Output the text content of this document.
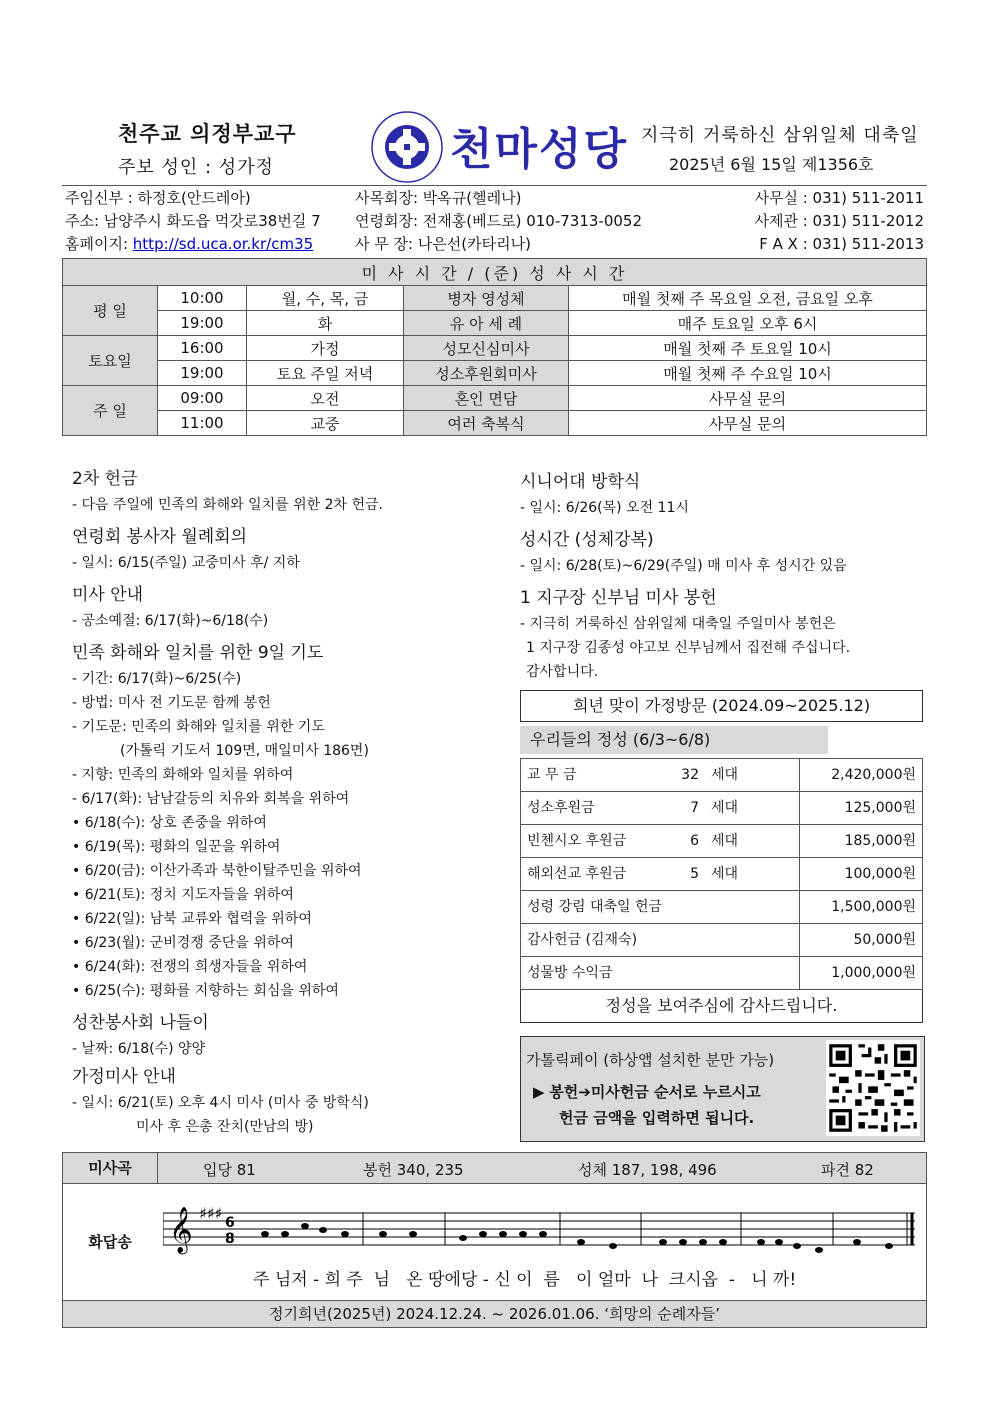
천주교 의정부교구
주보 성인 : 성가정	천마성당 지극히 거룩하신 삼위일체 대축일
2025년 6월 15일 제1356호
주임신부 : 하정호(안드레아)	사목회장: 박옥규(헬레나)	사무실 : 031) 511-2011
주소: 남양주시 화도읍 먹갓로38번길 7	연령회장: 전재홍(베드로) 010-7313-0052	사제관 : 031) 511-2012
홈페이지: http://sd.uca.or.kr/cm35	사 무 장: 나은선(카타리나)	F A X : 031) 511-2013
미 사 시 간 / (준) 성 사 시 간				
평 일	10:00	월, 수, 목, 금	병자 영성체	매월 첫째 주 목요일 오전, 금요일 오후
	19:00	화	유 아 세 례	매주 토요일 오후 6시
토요일	16:00	가정	성모신심미사	매월 첫째 주 토요일 10시
	19:00	토요 주일 저녁	성소후원회미사	매월 첫째 주 수요일 10시
주 일	09:00	오전	혼인 면담	사무실 문의
	11:00	교중	여러 축복식	사무실 문의
2차 헌금
- 다음 주일에 민족의 화해와 일치를 위한 2차 헌금.
연령회 봉사자 월례회의
- 일시: 6/15(주일) 교중미사 후/ 지하
미사 안내
- 공소예절: 6/17(화)~6/18(수)
민족 화해와 일치를 위한 9일 기도
- 기간: 6/17(화)~6/25(수)
- 방법: 미사 전 기도문 함께 봉헌
- 기도문: 민족의 화해와 일치를 위한 기도
(가톨릭 기도서 109면, 매일미사 186면)
- 지향: 민족의 화해와 일치를 위하여
- 6/17(화): 남남갈등의 치유와 회복을 위하여
• 6/18(수): 상호 존중을 위하여
• 6/19(목): 평화의 일꾼을 위하여
• 6/20(금): 이산가족과 북한이탈주민을 위하여
• 6/21(토): 정치 지도자들을 위하여
• 6/22(일): 남북 교류와 협력을 위하여
• 6/23(월): 군비경쟁 중단을 위하여
• 6/24(화): 전쟁의 희생자들을 위하여
• 6/25(수): 평화를 지향하는 회심을 위하여
성찬봉사회 나들이
- 날짜: 6/18(수) 양양
가정미사 안내
- 일시: 6/21(토) 오후 4시 미사 (미사 중 방학식)
미사 후 은총 잔치(만남의 방)
시니어대 방학식
- 일시: 6/26(목) 오전 11시
성시간 (성체강복)
- 일시: 6/28(토)~6/29(주일) 매 미사 후 성시간 있음
1 지구장 신부님 미사 봉헌
- 지극히 거룩하신 삼위일체 대축일 주일미사 봉헌은
1 지구장 김종성 야고보 신부님께서 집전해 주십니다.
감사합니다.
희년 맞이 가정방문 (2024.09~2025.12)
우리들의 정성 (6/3~6/8)
교 무 금	32	세대	2,420,000원
성소후원금	7	세대	125,000원
빈첸시오 후원금	6	세대	185,000원
해외선교 후원금	5	세대	100,000원
성령 강림 대축일 헌금			1,500,000원
감사헌금 (김재숙)			50,000원
성물방 수익금			1,000,000원
정성을 보여주심에 감사드립니다.
가톨릭페이 (하상앱 설치한 분만 가능)
▶ 봉헌➔미사헌금 순서로 누르시고
헌금 금액을 입력하면 됩니다.
미사곡	입당 81	봉헌 340, 235	성체 187, 198, 496	파견 82
화답송 𝄞 ♯♯♯ 6
8
주 님저 - 희 주  님   온 땅에당 - 신 이  름   이 얼마  나  크시옵  -   니 까!
정기희년(2025년) 2024.12.24. ~ 2026.01.06. ‘희망의 순례자들’
